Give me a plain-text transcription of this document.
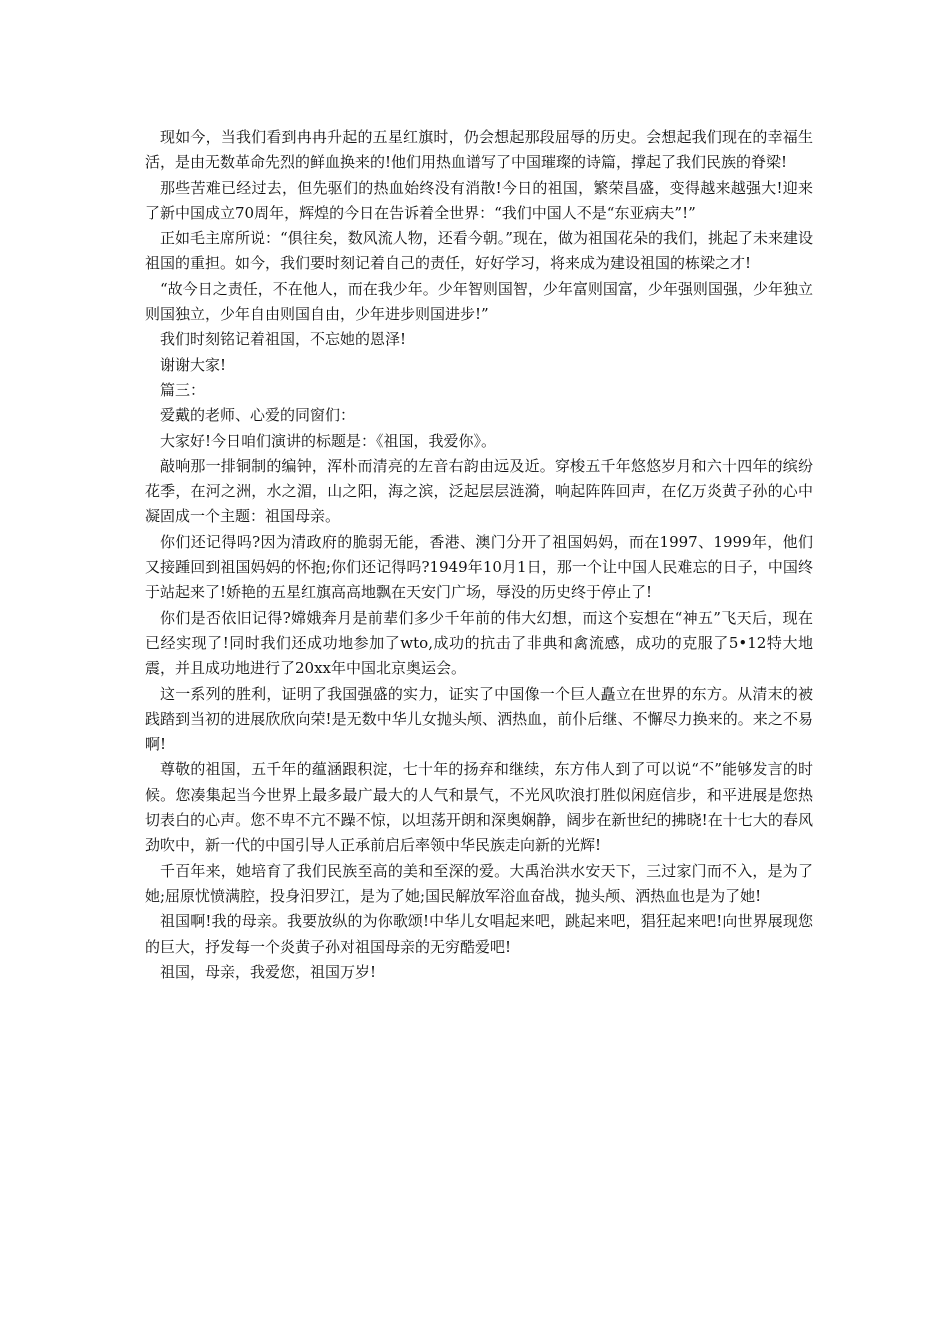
现如今，当我们看到冉冉升起的五星红旗时，仍会想起那段屈辱的历史。会想起我们现在的幸福生活，是由无数革命先烈的鲜血换来的!他们用热血谱写了中国璀璨的诗篇，撑起了我们民族的脊梁!

那些苦难已经过去，但先驱们的热血始终没有消散!今日的祖国，繁荣昌盛，变得越来越强大!迎来了新中国成立70周年，辉煌的今日在告诉着全世界：“我们中国人不是“东亚病夫”!”

正如毛主席所说：“俱往矣，数风流人物，还看今朝。”现在，做为祖国花朵的我们，挑起了未来建设祖国的重担。如今，我们要时刻记着自己的责任，好好学习，将来成为建设祖国的栋梁之才!

“故今日之责任，不在他人，而在我少年。少年智则国智，少年富则国富，少年强则国强，少年独立则国独立，少年自由则国自由，少年进步则国进步!”

我们时刻铭记着祖国，不忘她的恩泽!

谢谢大家!

篇三：

爱戴的老师、心爱的同窗们：

大家好!今日咱们演讲的标题是：《祖国，我爱你》。

敲响那一排铜制的编钟，浑朴而清亮的左音右韵由远及近。穿梭五千年悠悠岁月和六十四年的缤纷花季，在河之洲，水之湄，山之阳，海之滨，泛起层层涟漪，响起阵阵回声，在亿万炎黄子孙的心中凝固成一个主题：祖国母亲。

你们还记得吗?因为清政府的脆弱无能，香港、澳门分开了祖国妈妈，而在1997、1999年，他们又接踵回到祖国妈妈的怀抱;你们还记得吗?1949年10月1日，那一个让中国人民难忘的日子，中国终于站起来了!娇艳的五星红旗高高地飘在天安门广场，辱没的历史终于停止了!

你们是否依旧记得?嫦娥奔月是前辈们多少千年前的伟大幻想，而这个妄想在“神五”飞天后，现在已经实现了!同时我们还成功地参加了wto,成功的抗击了非典和禽流感，成功的克服了5•12特大地震，并且成功地进行了20xx年中国北京奥运会。

这一系列的胜利，证明了我国强盛的实力，证实了中国像一个巨人矗立在世界的东方。从清末的被践踏到当初的进展欣欣向荣!是无数中华儿女抛头颅、洒热血，前仆后继、不懈尽力换来的。来之不易啊!

尊敬的祖国，五千年的蕴涵跟积淀，七十年的扬弃和继续，东方伟人到了可以说“不”能够发言的时候。您凑集起当今世界上最多最广最大的人气和景气，不光风吹浪打胜似闲庭信步，和平进展是您热切表白的心声。您不卑不亢不躁不惊，以坦荡开朗和深奥娴静，阔步在新世纪的拂晓!在十七大的春风劲吹中，新一代的中国引导人正承前启后率领中华民族走向新的光辉!

千百年来，她培育了我们民族至高的美和至深的爱。大禹治洪水安天下，三过家门而不入，是为了她;屈原忧愤满腔，投身汨罗江，是为了她;国民解放军浴血奋战，抛头颅、洒热血也是为了她!

祖国啊!我的母亲。我要放纵的为你歌颂!中华儿女唱起来吧，跳起来吧，猖狂起来吧!向世界展现您的巨大，抒发每一个炎黄子孙对祖国母亲的无穷酷爱吧!

祖国，母亲，我爱您，祖国万岁!
